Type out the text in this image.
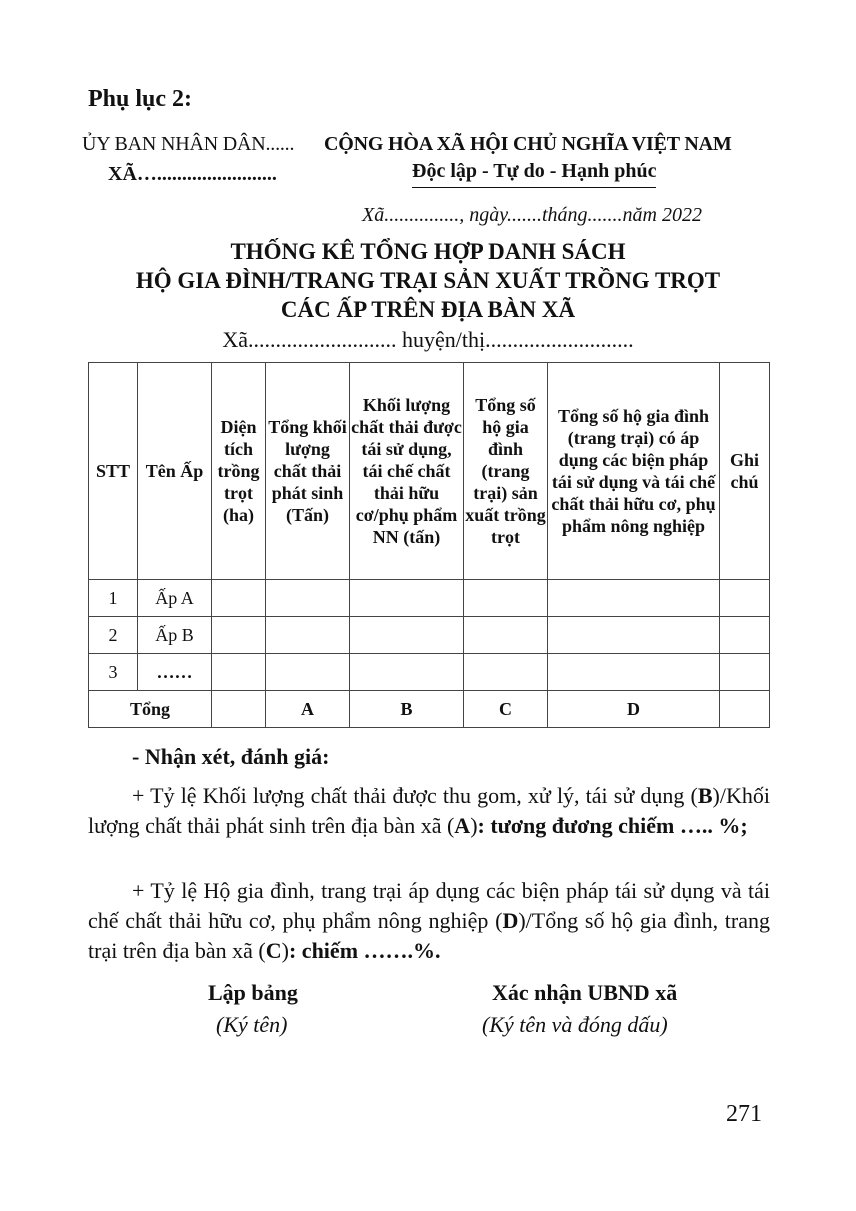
Phụ lục 2:
ỦY BAN NHÂN DÂN......
XÃ…........................
CỘNG HÒA XÃ HỘI CHỦ NGHĨA VIỆT NAM
Độc lập - Tự do - Hạnh phúc
Xã..............., ngày.......tháng.......năm 2022
THỐNG KÊ TỔNG HỢP DANH SÁCH
HỘ GIA ĐÌNH/TRANG TRẠI SẢN XUẤT TRỒNG TRỌT
CÁC ẤP TRÊN ĐỊA BÀN XÃ
Xã........................... huyện/thị...........................
STT	Tên Ấp	Diện tích trồng trọt (ha)	Tổng khối lượng chất thải phát sinh (Tấn)	Khối lượng chất thải được tái sử dụng, tái chế chất thải hữu cơ/phụ phẩm NN (tấn)	Tổng số hộ gia đình (trang trại) sản xuất trồng trọt	Tổng số hộ gia đình (trang trại) có áp dụng các biện pháp tái sử dụng và tái chế chất thải hữu cơ, phụ phẩm nông nghiệp	Ghi chú
1	Ấp A						
2	Ấp B						
3	……						
Tổng			A	B	C	D	
- Nhận xét, đánh giá:
+ Tỷ lệ Khối lượng chất thải được thu gom, xử lý, tái sử dụng (B)/Khối lượng chất thải phát sinh trên địa bàn xã (A): tương đương chiếm ….. %;
+ Tỷ lệ Hộ gia đình, trang trại áp dụng các biện pháp tái sử dụng và tái chế chất thải hữu cơ, phụ phẩm nông nghiệp (D)/Tổng số hộ gia đình, trang trại trên địa bàn xã (C): chiếm …….%.
Lập bảng
(Ký tên)
Xác nhận UBND xã
(Ký tên và đóng dấu)
271
